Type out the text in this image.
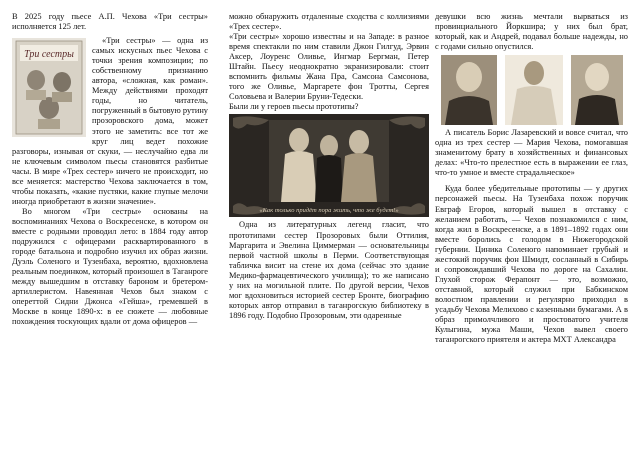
В 2025 году пьесе А.П. Чехова «Три сестры» исполняется 125 лет.

Три сестры

«Три сестры» — одна из самых искусных пьес Чехова с точки зрения композиции; по собственному признанию автора, «сложная, как роман». Между действиями проходят годы, но читатель, погруженный в бытовую рутину прозоровского дома, может этого не заметить: все тот же круг лиц ведет похожие разговоры, изнывая от скуки, — неслучайно едва ли не ключевым символом пьесы становятся разбитые часы. В мире «Трех сестер» ничего не происходит, но все меняется: мастерство Чехова заключается в том, чтобы показать, «какие пустяки, какие глупые мелочи иногда приобретают в жизни значение».

Во многом «Три сестры» основаны на воспоминаниях Чехова о Воскресенске, в котором он вместе с родными проводил лето: в 1884 году автор подружился с офицерами расквартированного в городе батальона и подробно изучил их образ жизни. Дуэль Соленого и Тузенбаха, вероятно, вдохновлена реальным поединком, который произошел в Таганроге между вышедшим в отставку бароном и бретером-артиллеристом. Навеянная Чехов был знаком с опереттой Сидни Джонса «Гейша», гремевшей в Москве в конце 1890-х: в ее сюжете — любовные похождения тоскующих вдали от дома офицеров —

можно обнаружить отдаленные сходства с коллизиями «Трех сестер».

«Три сестры» хорошо известны и на Западе: в разное время спектакли по ним ставили Джон Гилгуд, Эрвин Аксер, Лоуренс Оливье, Ингмар Бергман, Петер Штайн. Пьесу неоднократно экранизировали: стоит вспомнить фильмы Жана Пра, Самсона Самсонова, того же Оливье, Маргарете фон Тротты, Сергея Соловьева и Валерии Бруни-Тедески.

Были ли у героев пьесы прототипы?

«Как только придёт пора жить, что же будет!»

Одна из литературных легенд гласит, что прототипами сестер Прозоровых были Оттилия, Маргарита и Эвелина Циммерман — основательницы первой частной школы в Перми. Соответствующая табличка висит на стене их дома (сейчас это здание Медико-фармацевтического училища); то же написано у них на могильной плите. По другой версии, Чехов мог вдохновиться историей сестер Бронте, биографию которых автор отправил в таганрогскую библиотеку в 1896 году. Подобно Прозоровым, эти одаренные

девушки всю жизнь мечтали вырваться из провинциального Йоркшира; у них был брат, который, как и Андрей, подавал больше надежды, но с годами сильно опустился.

А писатель Борис Лазаревский и вовсе считал, что одна из трех сестер — Мария Чехова, помогавшая знаменитому брату в хозяйственных и финансовых делах: «Что-то прелестное есть в выражении ее глаз, что-то умное и вместе страдальческое»

Куда более убедительные прототипы — у других персонажей пьесы. На Тузенбаха похож поручик Евграф Егоров, который вышел в отставку с желанием работать, — Чехов познакомился с ним, когда жил в Воскресенске, а в 1891–1892 годах они вместе боролись с голодом в Нижегородской губернии. Циника Соленого напоминает грубый и жестокий поручик фон Шмидт, сосланный в Сибирь и сопровождавший Чехова по дороге на Сахалин. Глухой сторож Ферапонт — это, возможно, отставной, который служил при Бабкинском волостном правлении и регулярно приходил в усадьбу Чехова Мелихово с казенными бумагами. А в образ примолчливого и простоватого учителя Кулыгина, мужа Маши, Чехов вывел своего таганрогского приятеля и актера МХТ Александра
